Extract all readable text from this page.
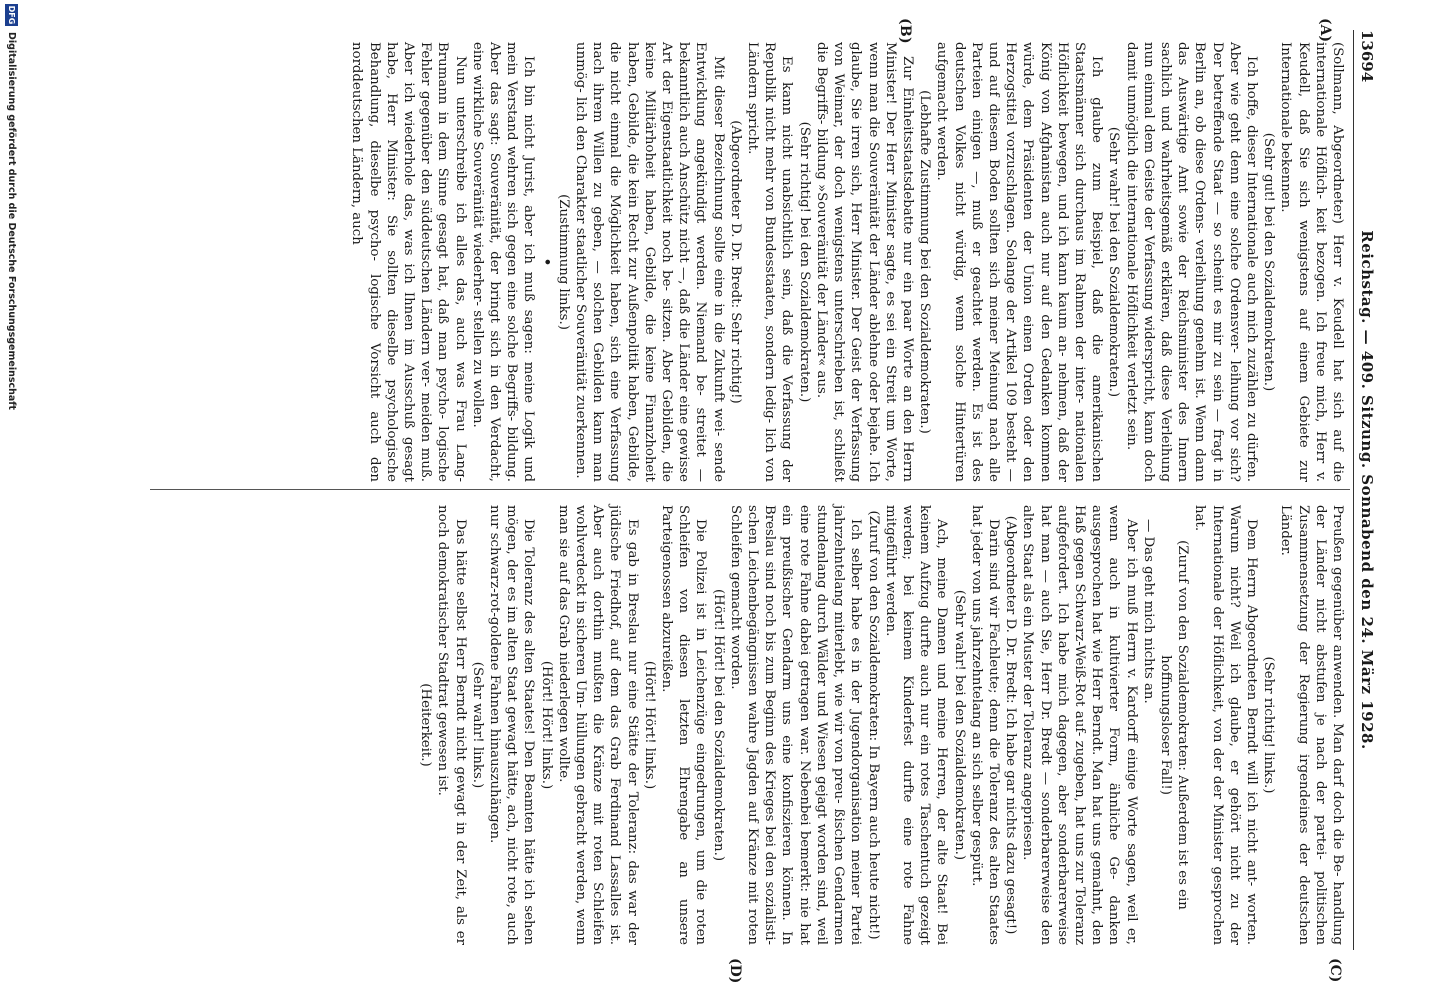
13694
Reichstag. — 409. Sitzung. Sonnabend den 24. März 1928.
(A)
(B)
(C)
(D)

(Sollmann, Abgeordneter) Herr v. Keudell hat sich auf die internationale Höflich- keit bezogen. Ich freue mich, Herr v. Keudell, daß Sie sich wenigstens auf einem Gebiete zur Internationale bekennen.

(Sehr gut! bei den Sozialdemokraten.)

Ich hoffe, dieser Internationale auch mich zuzählen zu dürfen. Aber wie geht denn eine solche Ordensver- leihung vor sich? Der betreffende Staat — so scheint es mir zu sein — fragt in Berlin an, ob diese Ordens- verleihung genehm ist. Wenn dann das Auswärtige Amt sowie der Reichsminister des Innern sachlich und wahrheitsgemäß erklären, daß diese Verleihung nun einmal dem Geiste der Verfassung widerspricht, kann doch damit unmöglich die internationale Höflichkeit verletzt sein.

(Sehr wahr! bei den Sozialdemokraten.)

Ich glaube zum Beispiel, daß die amerikanischen Staatsmänner sich durchaus im Rahmen der inter- nationalen Höflichkeit bewegen, und ich kann kaum an- nehmen, daß der König von Afghanistan auch nur auf den Gedanken kommen würde, dem Präsidenten der Union einen Orden oder den Herzogstitel vorzuschlagen. Solange der Artikel 109 besteht — und auf diesem Boden sollten sich meiner Meinung nach alle Parteien einigen —, muß er geachtet werden. Es ist des deutschen Volkes nicht würdig, wenn solche Hintertüren aufgemacht werden.

(Lebhafte Zustimmung bei den Sozialdemokraten.)

Zur Einheitsstaatsdebatte nur ein paar Worte an den Herrn Minister! Der Herr Minister sagte, es sei ein Streit um Worte, wenn man die Souveränität der Länder ablehne oder bejahe. Ich glaube, Sie irren sich, Herr Minister. Der Geist der Verfassung von Weimar, der doch wenigstens unterschrieben ist, schließt die Begriffs- bildung »Souveränität der Länder« aus.

(Sehr richtig! bei den Sozialdemokraten.)

Es kann nicht unabsichtlich sein, daß die Verfassung der Republik nicht mehr von Bundesstaaten, sondern ledig- lich von Ländern spricht.

(Abgeordneter D. Dr. Bredt: Sehr richtig!)

Mit dieser Bezeichnung sollte eine in die Zukunft wei- sende Entwicklung angekündigt werden. Niemand be- streitet — bekanntlich auch Anschütz nicht —, daß die Länder eine gewisse Art der Eigenstaatlichkeit noch be- sitzen. Aber Gebilden, die keine Militärhoheit haben, Gebilde, die keine Finanzhoheit haben, Gebilde, die kein Recht zur Außenpolitik haben, Gebilde, die nicht einmal die Möglichkeit haben, sich eine Verfassung nach ihrem Willen zu geben, — solchen Gebilden kann man unmög- lich den Charakter staatlicher Souveränität zuerkennen.

(Zustimmung links.)

•

Ich bin nicht Jurist, aber ich muß sagen: meine Logik und mein Verstand wehren sich gegen eine solche Begriffs- bildung. Aber das sagt: Souveränität, der bringt sich in den Verdacht, eine wirkliche Souveränität wiederher- stellen zu wollen.

Nun unterschreibe ich alles das, auch was Frau Lang- Brumann in dem Sinne gesagt hat, daß man psycho- logische Fehler gegenüber den süddeutschen Ländern ver- meiden muß. Aber ich wiederhole das, was ich Ihnen im Ausschuß gesagt habe, Herr Minister: Sie sollten dieselbe psychologische Behandlung, dieselbe psycho- logische Vorsicht auch den norddeutschen Ländern, auch

Preußen gegenüber anwenden. Man darf doch die Be- handlung der Länder nicht abstufen je nach der partei- politischen Zusammensetzung der Regierung irgendeines der deutschen Länder.

(Sehr richtig! links.)

Dem Herrn Abgeordneten Berndt will ich nicht ant- worten. Warum nicht? Weil ich glaube, er gehört nicht zu der Internationale der Höflichkeit, von der der Minister gesprochen hat.

(Zuruf von den Sozialdemokraten: Außerdem ist es ein hoffnungsloser Fall!)

— Das geht mich nichts an.

Aber ich muß Herrn v. Kardorff einige Worte sagen, weil er, wenn auch in kultivierter Form, ähnliche Ge- danken ausgesprochen hat wie Herr Berndt. Man hat uns gemahnt, den Haß gegen Schwarz-Weiß-Rot auf- zugeben, hat uns zur Toleranz aufgefordert. Ich habe mich dagegen, aber sonderbarerweise hat man — auch Sie, Herr Dr. Bredt — sonderbarerweise den alten Staat als ein Muster der Toleranz angepriesen.

(Abgeordneter D. Dr. Bredt: Ich habe gar nichts dazu gesagt!)

Darin sind wir Fachleute; denn die Toleranz des alten Staates hat jeder von uns jahrzehntelang an sich selber gespürt.

(Sehr wahr! bei den Sozialdemokraten.)

Ach, meine Damen und meine Herren, der alte Staat! Bei keinem Aufzug durfte auch nur ein rotes Taschentuch gezeigt werden; bei keinem Kinderfest durfte eine rote Fahne mitgeführt werden.

(Zuruf von den Sozialdemokraten: In Bayern auch heute nicht!)

Ich selber habe es in der Jugendorganisation meiner Partei jahrzehntelang miterlebt, wie wir von preu- ßischen Gendarmen stundenlang durch Wälder und Wiesen gejagt worden sind, weil eine rote Fahne dabei getragen war. Nebenbei bemerkt: nie hat ein preußischer Gendarm uns eine konfiszieren können. In Breslau sind noch bis zum Beginn des Krieges bei den sozialisti- schen Leichenbegängnissen wahre Jagden auf Kränze mit roten Schleifen gemacht worden.

(Hört! Hört! bei den Sozialdemokraten.)

Die Polizei ist in Leichenzüge eingedrungen, um die roten Schleifen von diesen letzten Ehrengabe an unsere Parteigenossen abzureißen.

(Hört! Hört! links.)

Es gab in Breslau nur eine Stätte der Toleranz: das war der jüdische Friedhof, auf dem das Grab Ferdinand Lassalles ist. Aber auch dorthin mußten die Kränze mit roten Schleifen wohlverdeckt in sicheren Um- hüllungen gebracht werden, wenn man sie auf das Grab niederlegen wollte.

(Hört! Hört! links.)

Die Toleranz des alten Staates! Den Beamten hätte ich sehen mögen, der es im alten Staat gewagt hätte, ach, nicht rote, auch nur schwarz-rot-goldene Fahnen hinauszuhängen.

(Sehr wahr! links.)

Das hätte selbst Herr Berndt nicht gewagt in der Zeit, als er noch demokratischer Stadtrat gewesen ist.

(Heiterkeit.)

DFG
Digitalisierung gefördert durch die Deutsche Forschungsgemeinschaft
